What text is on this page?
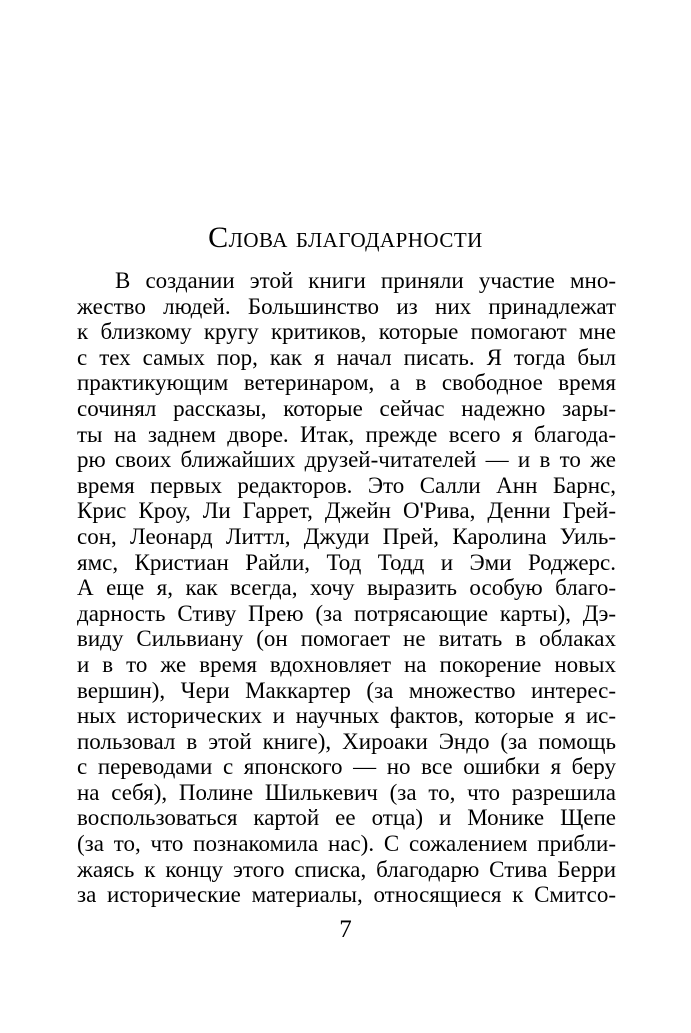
Слова благодарности
В создании этой книги приняли участие мно-
жество людей. Большинство из них принадлежат
к близкому кругу критиков, которые помогают мне
с тех самых пор, как я начал писать. Я тогда был
практикующим ветеринаром, а в свободное время
сочинял рассказы, которые сейчас надежно зары-
ты на заднем дворе. Итак, прежде всего я благода-
рю своих ближайших друзей-читателей — и в то же
время первых редакторов. Это Салли Анн Барнс,
Крис Кроу, Ли Гаррет, Джейн О'Рива, Денни Грей-
сон, Леонард Литтл, Джуди Прей, Каролина Уиль-
ямс, Кристиан Райли, Тод Тодд и Эми Роджерс.
А еще я, как всегда, хочу выразить особую благо-
дарность Стиву Прею (за потрясающие карты), Дэ-
виду Сильвиану (он помогает не витать в облаках
и в то же время вдохновляет на покорение новых
вершин), Чери Маккартер (за множество интерес-
ных исторических и научных фактов, которые я ис-
пользовал в этой книге), Хироаки Эндо (за помощь
с переводами с японского — но все ошибки я беру
на себя), Полине Шилькевич (за то, что разрешила
воспользоваться картой ее отца) и Монике Щепе
(за то, что познакомила нас). С сожалением прибли-
жаясь к концу этого списка, благодарю Стива Берри
за исторические материалы, относящиеся к Смитсо-
7
